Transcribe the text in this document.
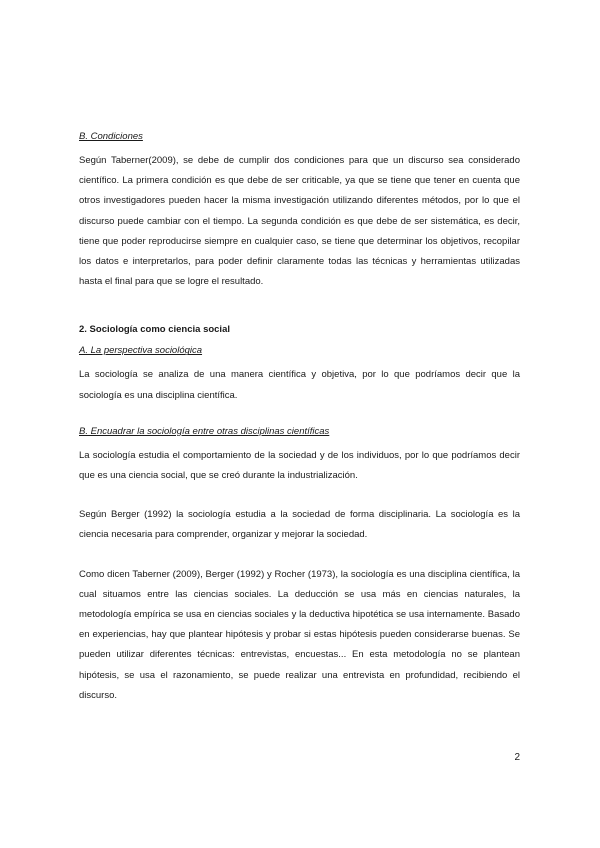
B. Condiciones

Según Taberner(2009), se debe de cumplir dos condiciones para que un discurso sea considerado científico. La primera condición es que debe de ser criticable, ya que se tiene que tener en cuenta que otros investigadores pueden hacer la misma investigación utilizando diferentes métodos, por lo que el discurso puede cambiar con el tiempo. La segunda condición es que debe de ser sistemática, es decir, tiene que poder reproducirse siempre en cualquier caso, se tiene que determinar los objetivos, recopilar los datos e interpretarlos, para poder definir claramente todas las técnicas y herramientas utilizadas hasta el final para que se logre el resultado.

2. Sociología como ciencia social
A. La perspectiva sociológica

La sociología se analiza de una manera científica y objetiva, por lo que podríamos decir que la sociología es una disciplina científica.

B. Encuadrar la sociología entre otras disciplinas científicas

La sociología estudia el comportamiento de la sociedad y de los individuos, por lo que podríamos decir que es una ciencia social, que se creó durante la industrialización.

Según Berger (1992) la sociología estudia a la sociedad de forma disciplinaria. La sociología es la ciencia necesaria para comprender, organizar y mejorar la sociedad.

Como dicen Taberner (2009), Berger (1992) y Rocher (1973), la sociología es una disciplina científica, la cual situamos entre las ciencias sociales. La deducción se usa más en ciencias naturales, la metodología empírica se usa en ciencias sociales y la deductiva hipotética se usa internamente. Basado en experiencias, hay que plantear hipótesis y probar si estas hipótesis pueden considerarse buenas. Se pueden utilizar diferentes técnicas: entrevistas, encuestas... En esta metodología no se plantean hipótesis, se usa el razonamiento, se puede realizar una entrevista en profundidad, recibiendo el discurso.

2
